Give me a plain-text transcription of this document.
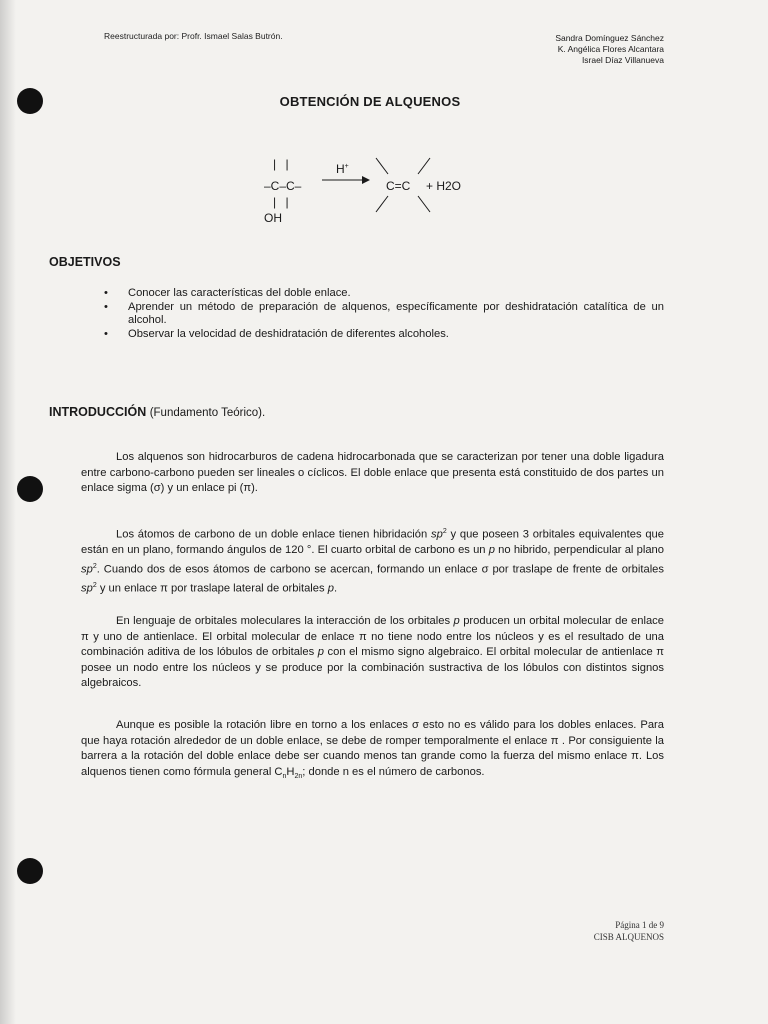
Reestructurada por: Profr. Ismael Salas Butrón.	Sandra Domínguez Sánchez
K. Angélica Flores Alcantara
Israel Díaz Villanueva
OBTENCIÓN DE ALQUENOS
| |
–C–C–
| |
OH
H+
→ C=C + H2O
OBJETIVOS
• Conocer las características del doble enlace.
• Aprender un método de preparación de alquenos, específicamente por deshidratación catalítica de un alcohol.
• Observar la velocidad de deshidratación de diferentes alcoholes.
INTRODUCCIÓN (Fundamento Teórico).

Los alquenos son hidrocarburos de cadena hidrocarbonada que se caracterizan por tener una doble ligadura entre carbono-carbono pueden ser lineales o cíclicos. El doble enlace que presenta está constituido de dos partes un enlace sigma (σ) y un enlace pi (π).

Los átomos de carbono de un doble enlace tienen hibridación $sp^2$ y que poseen 3 orbitales equivalentes que están en un plano, formando ángulos de 120 °. El cuarto orbital de carbono es un p no hibrido, perpendicular al plano $sp^2$. Cuando dos de esos átomos de carbono se acercan, formando un enlace σ por traslape de frente de orbitales $sp^2$ y un enlace π por traslape lateral de orbitales p.

En lenguaje de orbitales moleculares la interacción de los orbitales p producen un orbital molecular de enlace π y uno de antienlace. El orbital molecular de enlace π no tiene nodo entre los núcleos y es el resultado de una combinación aditiva de los lóbulos de orbitales p con el mismo signo algebraico. El orbital molecular de antienlace π posee un nodo entre los núcleos y se produce por la combinación sustractiva de los lóbulos con distintos signos algebraicos.

Aunque es posible la rotación libre en torno a los enlaces σ esto no es válido para los dobles enlaces. Para que haya rotación alrededor de un doble enlace, se debe de romper temporalmente el enlace π . Por consiguiente la barrera a la rotación del doble enlace debe ser cuando menos tan grande como la fuerza del mismo enlace π. Los alquenos tienen como fórmula general $C_nH_{2n}$; donde n es el número de carbonos.

Página 1 de 9
CISB ALQUENOS
